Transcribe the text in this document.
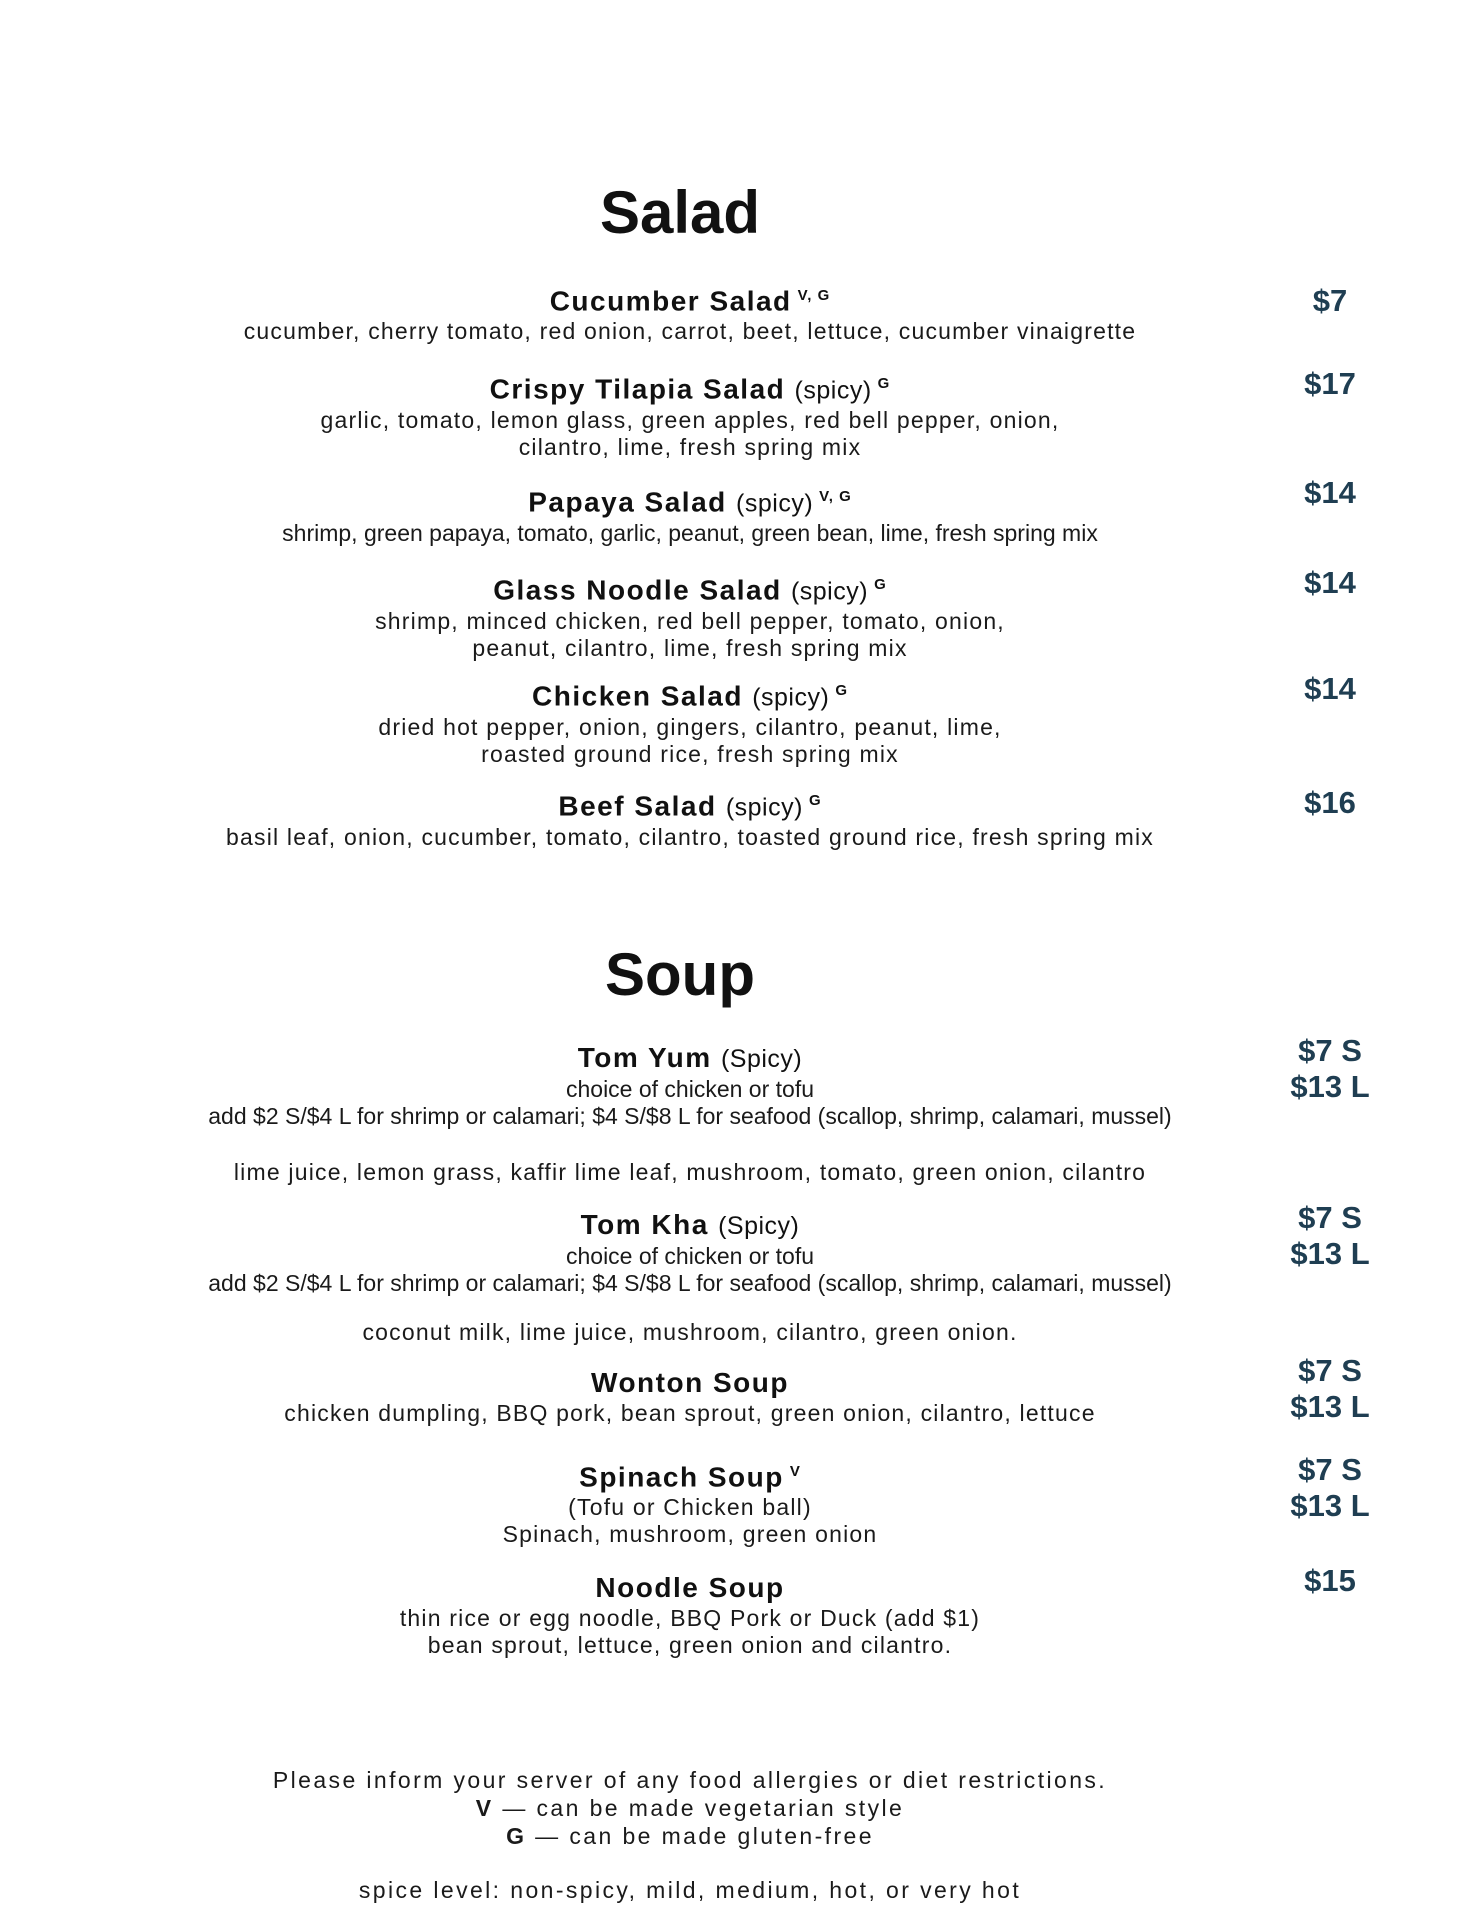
Salad
Cucumber Salad $^{V, G}$
cucumber, cherry tomato, red onion, carrot, beet, lettuce, cucumber vinaigrette
$7
Crispy Tilapia Salad (spicy) $^G$
garlic, tomato, lemon glass, green apples, red bell pepper, onion,
cilantro, lime, fresh spring mix
$17
Papaya Salad (spicy) $^{V, G}$
shrimp, green papaya, tomato, garlic, peanut, green bean, lime, fresh spring mix
$14
Glass Noodle Salad (spicy) $^G$
shrimp, minced chicken, red bell pepper, tomato, onion,
peanut, cilantro, lime, fresh spring mix
$14
Chicken Salad (spicy) $^G$
dried hot pepper, onion, gingers, cilantro, peanut, lime,
roasted ground rice, fresh spring mix
$14
Beef Salad (spicy) $^G$
basil leaf, onion, cucumber, tomato, cilantro, toasted ground rice, fresh spring mix
$16
Soup
Tom Yum (Spicy)
choice of chicken or tofu
add $2 S/$4 L for shrimp or calamari; $4 S/$8 L for seafood (scallop, shrimp, calamari, mussel)
lime juice, lemon grass, kaffir lime leaf, mushroom, tomato, green onion, cilantro
$7 S
$13 L
Tom Kha (Spicy)
choice of chicken or tofu
add $2 S/$4 L for shrimp or calamari; $4 S/$8 L for seafood (scallop, shrimp, calamari, mussel)
coconut milk, lime juice, mushroom, cilantro, green onion.
$7 S
$13 L
Wonton Soup
chicken dumpling, BBQ pork, bean sprout, green onion, cilantro, lettuce
$7 S
$13 L
Spinach Soup $^V$
(Tofu or Chicken ball)
Spinach, mushroom, green onion
$7 S
$13 L
Noodle Soup
thin rice or egg noodle, BBQ Pork or Duck (add $1)
bean sprout, lettuce, green onion and cilantro.
$15
Please inform your server of any food allergies or diet restrictions.
V — can be made vegetarian style
G — can be made gluten-free
spice level: non-spicy, mild, medium, hot, or very hot
